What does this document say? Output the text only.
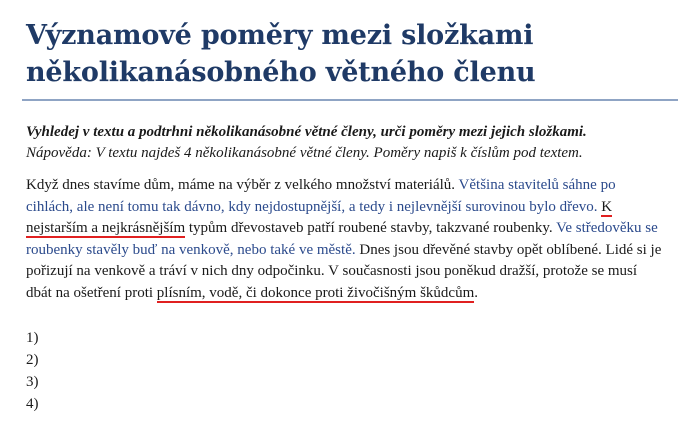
Významové poměry mezi složkami několikanásobného větného členu
Vyhledej v textu a podtrhni několikanásobné větné členy, urči poměry mezi jejich složkami.
Nápověda: V textu najdeš 4 několikanásobné větné členy. Poměry napiš k číslům pod textem.
Když dnes stavíme dům, máme na výběr z velkého množství materiálů. Většina stavitelů sáhne po cihlách, ale není tomu tak dávno, kdy nejdostupnější, a tedy i nejlevnější surovinou bylo dřevo. K nejstarším a nejkrásnějším typům dřevostaveb patří roubené stavby, takzvané roubenky. Ve středověku se roubenky stavěly buď na venkově, nebo také ve městě. Dnes jsou dřevěné stavby opět oblíbené. Lidé si je pořizují na venkově a tráví v nich dny odpočinku. V současnosti jsou poněkud dražší, protože se musí dbát na ošetření proti plísním, vodě, či dokonce proti živočišným škůdcům.
1)
2)
3)
4)
